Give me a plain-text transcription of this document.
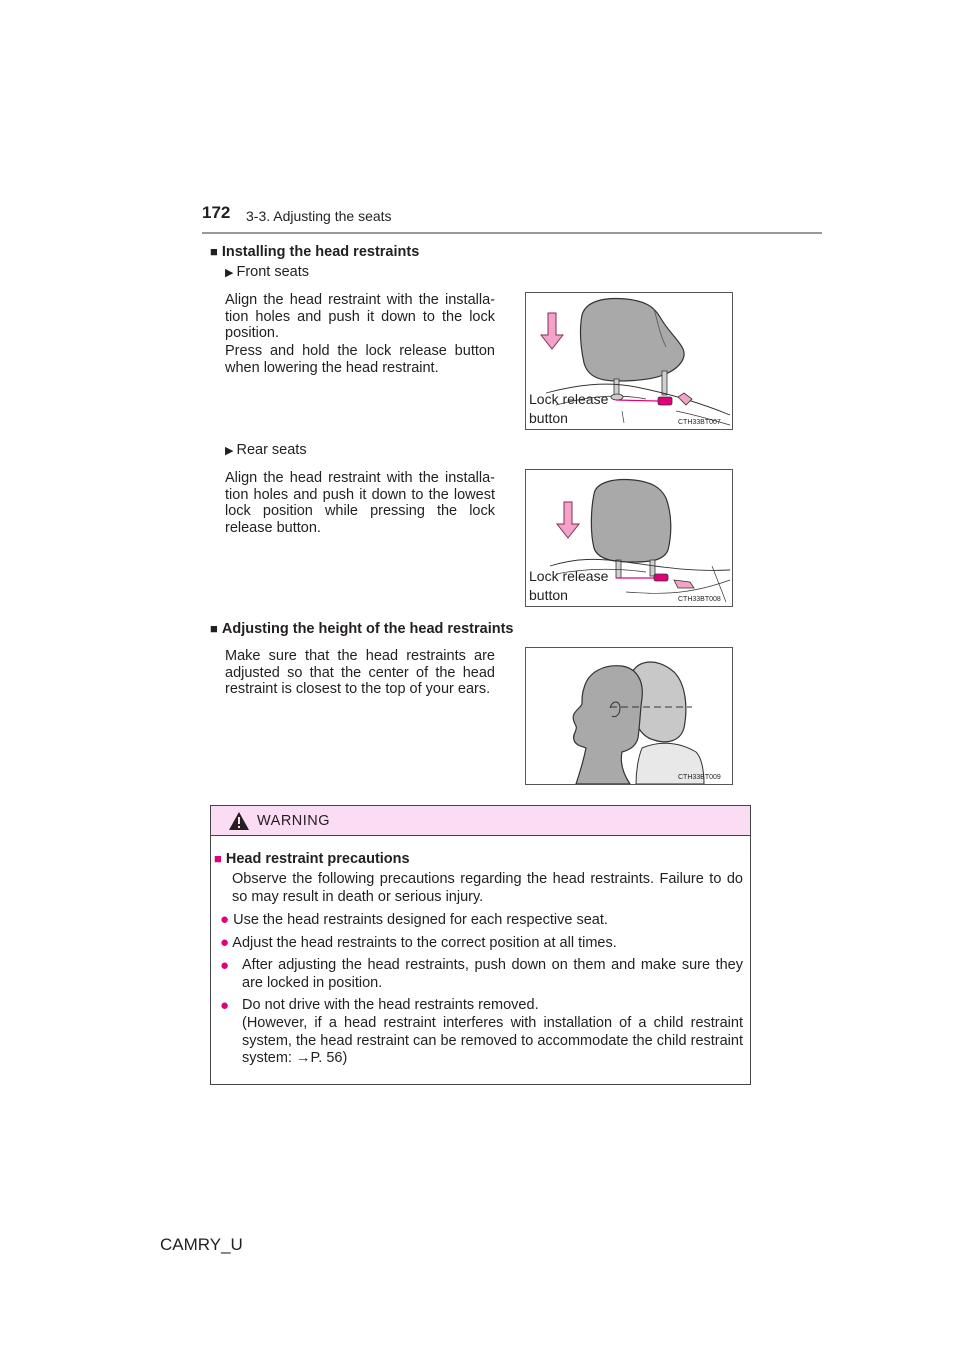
172 3-3. Adjusting the seats
■ Installing the head restraints
▶ Front seats
Align the head restraint with the installa-tion holes and push it down to the lock position.
Press and hold the lock release button when lowering the head restraint.
Lock release
button	CTH33BT007
▶ Rear seats
Align the head restraint with the installa-tion holes and push it down to the lowest lock position while pressing the lock release button.
Lock release
button	CTH33BT008
■ Adjusting the height of the head restraints
Make sure that the head restraints are adjusted so that the center of the head restraint is closest to the top of your ears.
CTH33BT009
WARNING
■ Head restraint precautions
Observe the following precautions regarding the head restraints. Failure to do so may result in death or serious injury.
● Use the head restraints designed for each respective seat.
● Adjust the head restraints to the correct position at all times.
● After adjusting the head restraints, push down on them and make sure they are locked in position.
● Do not drive with the head restraints removed.
(However, if a head restraint interferes with installation of a child restraint system, the head restraint can be removed to accommodate the child restraint system: →P. 56)
CAMRY_U
